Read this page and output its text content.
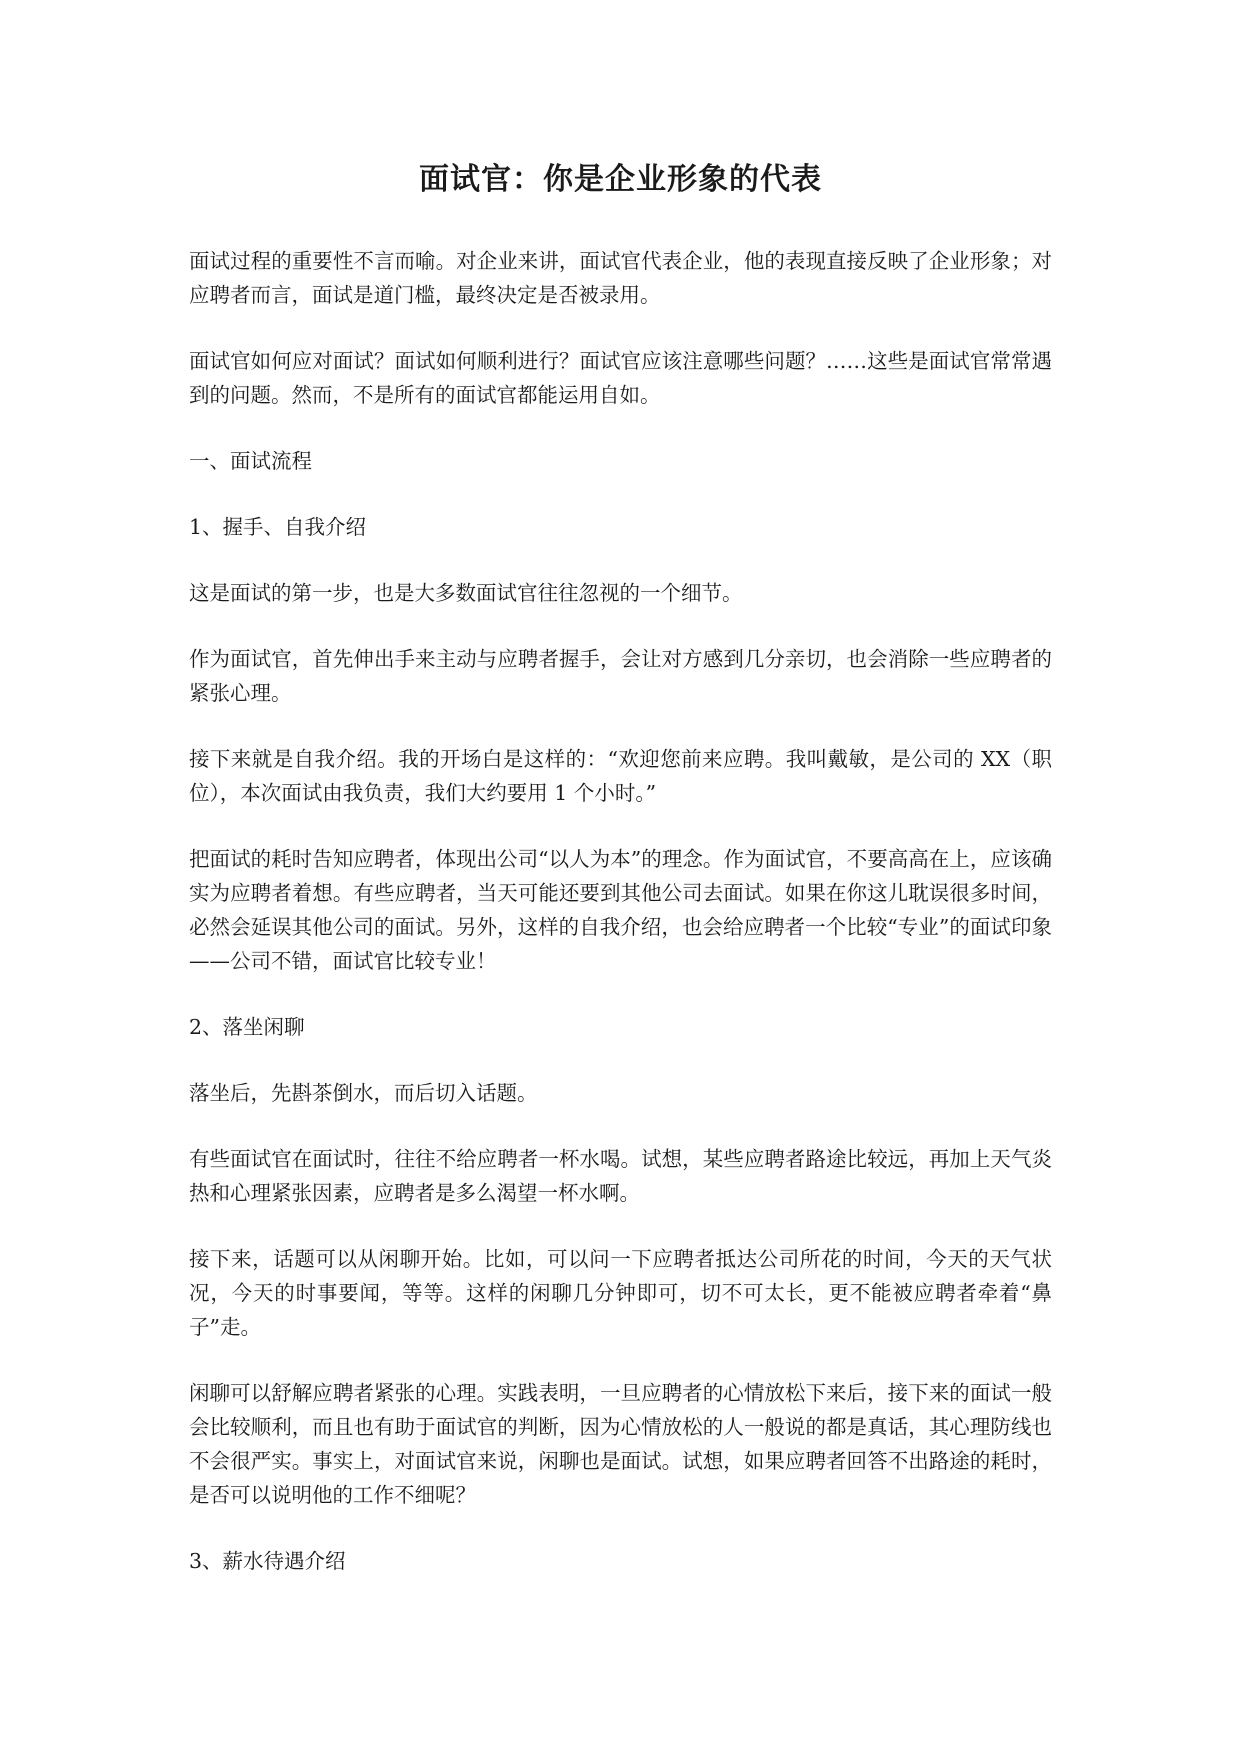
面试官：你是企业形象的代表

面试过程的重要性不言而喻。对企业来讲，面试官代表企业，他的表现直接反映了企业形象；对应聘者而言，面试是道门槛，最终决定是否被录用。

面试官如何应对面试？面试如何顺利进行？面试官应该注意哪些问题？……这些是面试官常常遇到的问题。然而，不是所有的面试官都能运用自如。

一、面试流程

1、握手、自我介绍

这是面试的第一步，也是大多数面试官往往忽视的一个细节。

作为面试官，首先伸出手来主动与应聘者握手，会让对方感到几分亲切，也会消除一些应聘者的紧张心理。

接下来就是自我介绍。我的开场白是这样的：“欢迎您前来应聘。我叫戴敏，是公司的 XX（职位），本次面试由我负责，我们大约要用 1 个小时。”

把面试的耗时告知应聘者，体现出公司“以人为本”的理念。作为面试官，不要高高在上，应该确实为应聘者着想。有些应聘者，当天可能还要到其他公司去面试。如果在你这儿耽误很多时间，必然会延误其他公司的面试。另外，这样的自我介绍，也会给应聘者一个比较“专业”的面试印象——公司不错，面试官比较专业！

2、落坐闲聊

落坐后，先斟茶倒水，而后切入话题。

有些面试官在面试时，往往不给应聘者一杯水喝。试想，某些应聘者路途比较远，再加上天气炎热和心理紧张因素，应聘者是多么渴望一杯水啊。

接下来，话题可以从闲聊开始。比如，可以问一下应聘者抵达公司所花的时间，今天的天气状况，今天的时事要闻，等等。这样的闲聊几分钟即可，切不可太长，更不能被应聘者牵着“鼻子”走。

闲聊可以舒解应聘者紧张的心理。实践表明，一旦应聘者的心情放松下来后，接下来的面试一般会比较顺利，而且也有助于面试官的判断，因为心情放松的人一般说的都是真话，其心理防线也不会很严实。事实上，对面试官来说，闲聊也是面试。试想，如果应聘者回答不出路途的耗时，是否可以说明他的工作不细呢？

3、薪水待遇介绍
